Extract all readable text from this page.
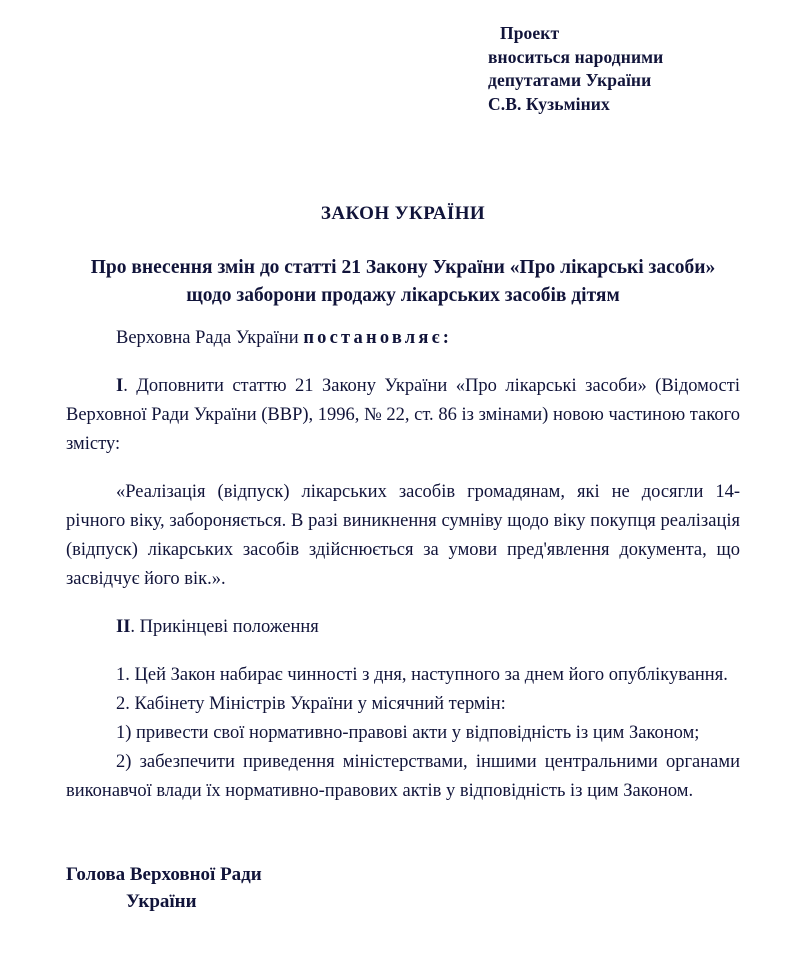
Проект
вноситься народними
депутатами України
С.В. Кузьміних
ЗАКОН УКРАЇНИ
Про внесення змін до статті 21 Закону України «Про лікарські засоби»
щодо заборони продажу лікарських засобів дітям

Верховна Рада України постановляє:

I. Доповнити статтю 21 Закону України «Про лікарські засоби» (Відомості Верховної Ради України (ВВР), 1996, № 22, ст. 86 із змінами) новою частиною такого змісту:

«Реалізація (відпуск) лікарських засобів громадянам, які не досягли 14-річного віку, забороняється. В разі виникнення сумніву щодо віку покупця реалізація (відпуск) лікарських засобів здійснюється за умови пред'явлення документа, що засвідчує його вік.».

II. Прикінцеві положення

1. Цей Закон набирає чинності з дня, наступного за днем його опублікування.

2. Кабінету Міністрів України у місячний термін:

1) привести свої нормативно-правові акти у відповідність із цим Законом;

2) забезпечити приведення міністерствами, іншими центральними органами виконавчої влади їх нормативно-правових актів у відповідність із цим Законом.

Голова Верховної Ради
України
